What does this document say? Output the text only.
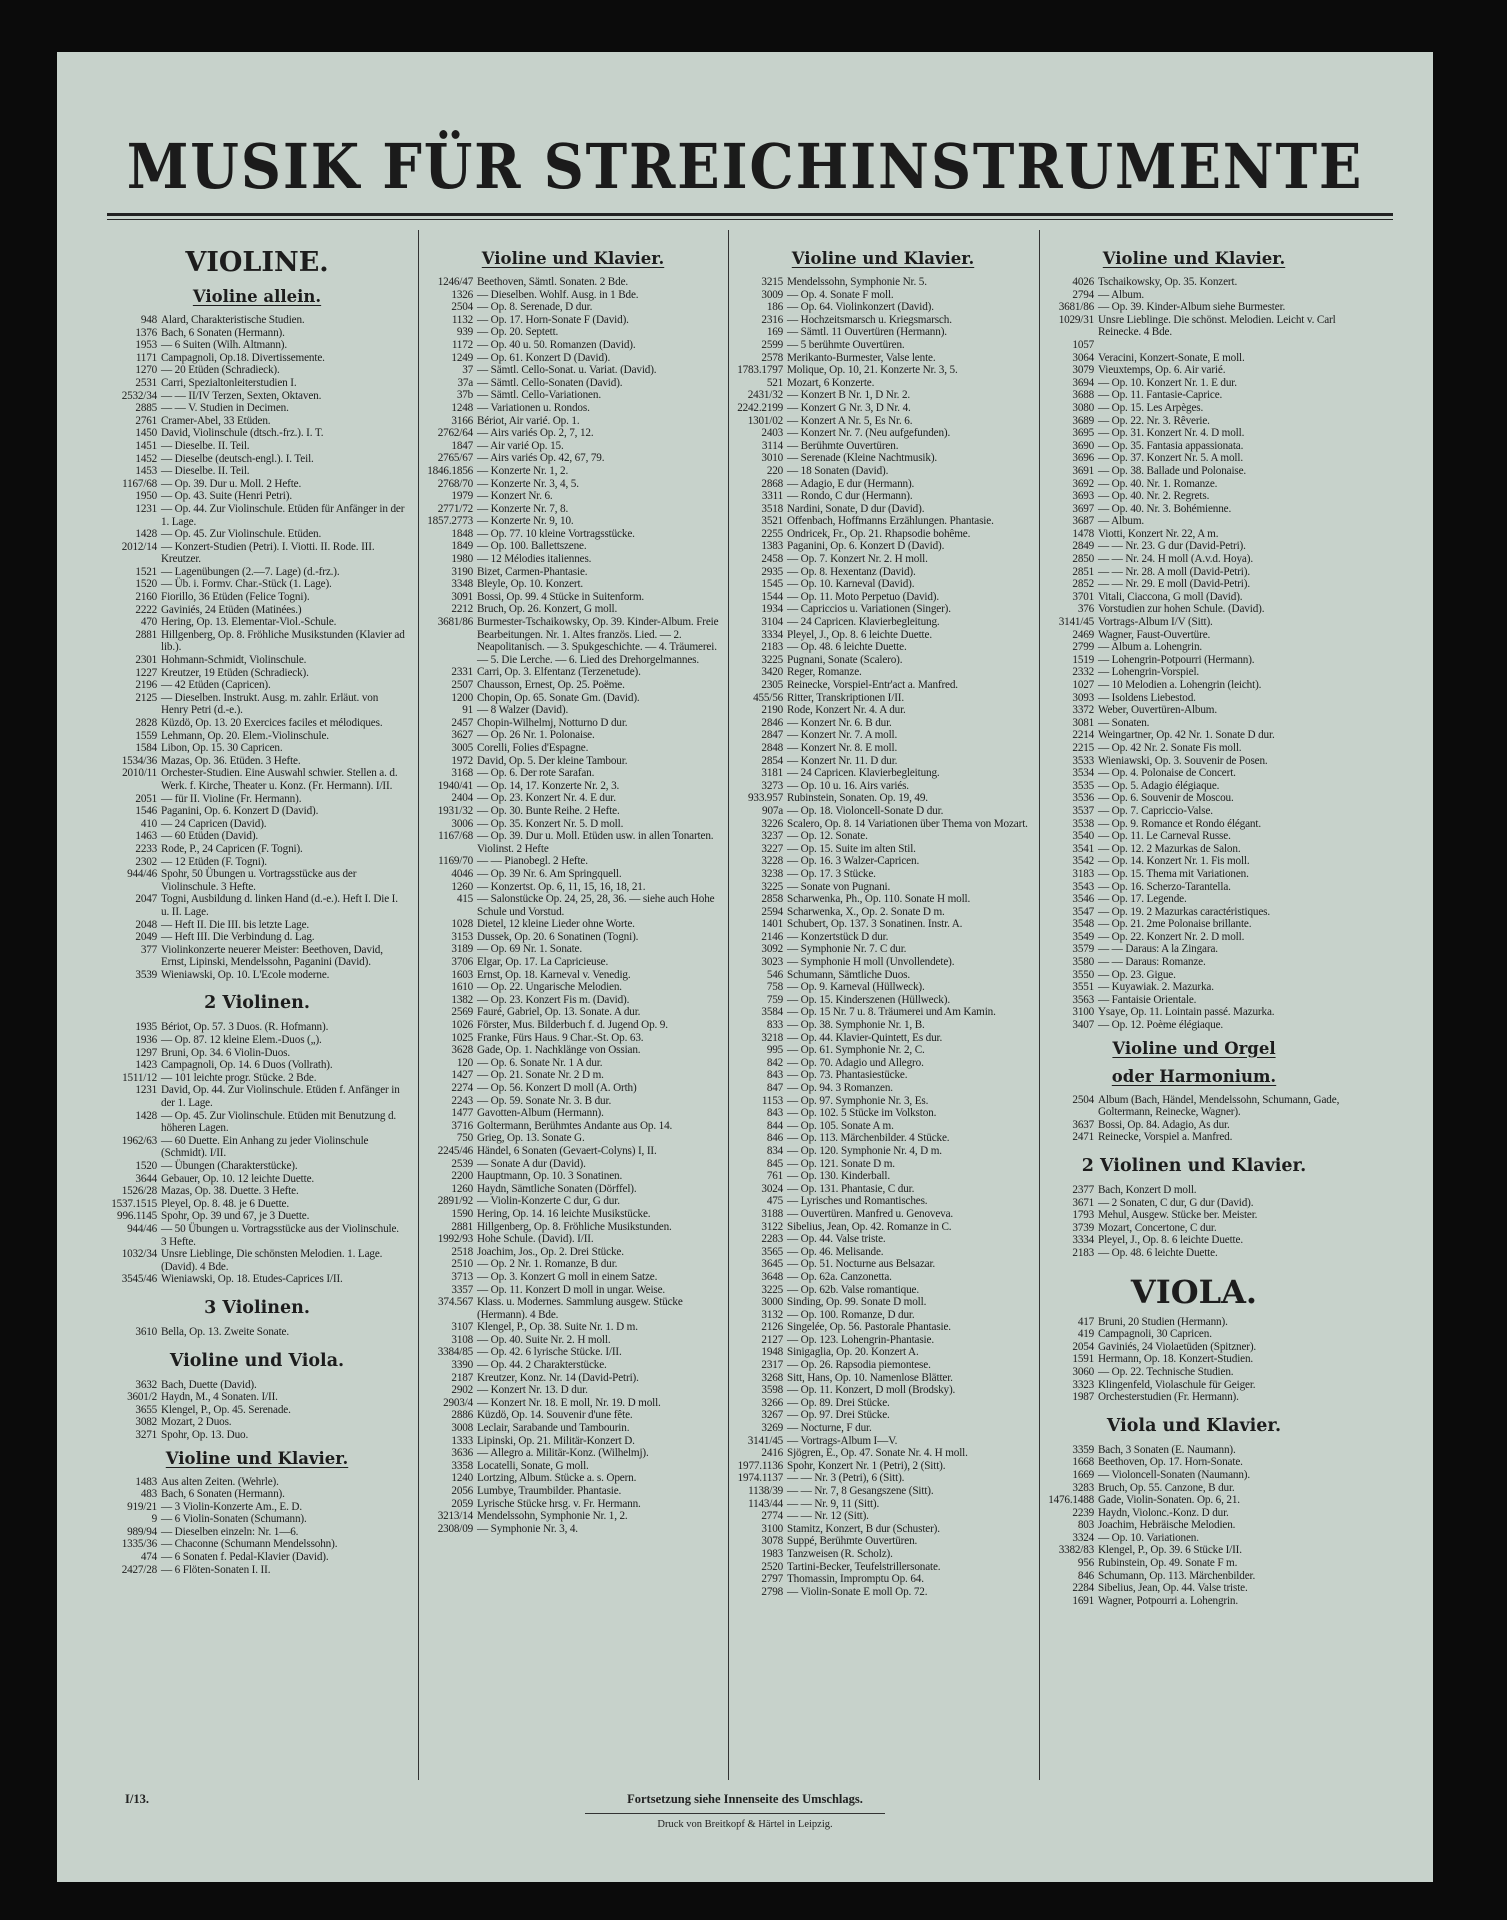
MUSIK FÜR STREICHINSTRUMENTE
VIOLINE.
Violine allein.
948 Alard, Charakteristische Studien.
1376 Bach, 6 Sonaten (Hermann).
1953 — 6 Suiten (Wilh. Altmann).
1171 Campagnoli, Op.18. Divertissemente.
1270 — 20 Etüden (Schradieck).
2531 Carri, Spezialtonleiterstudien I.
2532/34 — — II/IV Terzen, Sexten, Oktaven.
2885 — — V. Studien in Decimen.
2761 Cramer-Abel, 33 Etüden.
1450 David, Violinschule (dtsch.-frz.). I. T.
1451 — Dieselbe. II. Teil.
1452 — Dieselbe (deutsch-engl.). I. Teil.
1453 — Dieselbe. II. Teil.
1167/68 — Op. 39. Dur u. Moll. 2 Hefte.
1950 — Op. 43. Suite (Henri Petri).
1231 — Op. 44. Zur Violinschule. Etüden für Anfänger in der 1. Lage.
1428 — Op. 45. Zur Violinschule. Etüden.
2012/14 — Konzert-Studien (Petri). I. Viotti. II. Rode. III. Kreutzer.
1521 — Lagenübungen (2.—7. Lage) (d.-frz.).
1520 — Üb. i. Formv. Char.-Stück (1. Lage).
2160 Fiorillo, 36 Etüden (Felice Togni).
2222 Gaviniés, 24 Etüden (Matinées.)
470 Hering, Op. 13. Elementar-Viol.-Schule.
2881 Hillgenberg, Op. 8. Fröhliche Musikstunden (Klavier ad lib.).
2301 Hohmann-Schmidt, Violinschule.
1227 Kreutzer, 19 Etüden (Schradieck).
2196 — 42 Etüden (Capricen).
2125 — Dieselben. Instrukt. Ausg. m. zahlr. Erläut. von Henry Petri (d.-e.).
2828 Küzdö, Op. 13. 20 Exercices faciles et mélodiques.
1559 Lehmann, Op. 20. Elem.-Violinschule.
1584 Libon, Op. 15. 30 Capricen.
1534/36 Mazas, Op. 36. Etüden. 3 Hefte.
2010/11 Orchester-Studien. Eine Auswahl schwier. Stellen a. d. Werk. f. Kirche, Theater u. Konz. (Fr. Hermann). I/II.
2051 — für II. Violine (Fr. Hermann).
1546 Paganini, Op. 6. Konzert D (David).
410 — 24 Capricen (David).
1463 — 60 Etüden (David).
2233 Rode, P., 24 Capricen (F. Togni).
2302 — 12 Etüden (F. Togni).
944/46 Spohr, 50 Übungen u. Vortragsstücke aus der Violinschule. 3 Hefte.
2047 Togni, Ausbildung d. linken Hand (d.-e.). Heft I. Die I. u. II. Lage.
2048 — Heft II. Die III. bis letzte Lage.
2049 — Heft III. Die Verbindung d. Lag.
377 Violinkonzerte neuerer Meister: Beethoven, David, Ernst, Lipinski, Mendelssohn, Paganini (David).
3539 Wieniawski, Op. 10. L'Ecole moderne.
2 Violinen.
1935 Bériot, Op. 57. 3 Duos. (R. Hofmann).
1936 — Op. 87. 12 kleine Elem.-Duos („).
1297 Bruni, Op. 34. 6 Violin-Duos.
1423 Campagnoli, Op. 14. 6 Duos (Vollrath).
1511/12 — 101 leichte progr. Stücke. 2 Bde.
1231 David, Op. 44. Zur Violinschule. Etüden f. Anfänger in der 1. Lage.
1428 — Op. 45. Zur Violinschule. Etüden mit Benutzung d. höheren Lagen.
1962/63 — 60 Duette. Ein Anhang zu jeder Violinschule (Schmidt). I/II.
1520 — Übungen (Charakterstücke).
3644 Gebauer, Op. 10. 12 leichte Duette.
1526/28 Mazas, Op. 38. Duette. 3 Hefte.
1537.1515 Pleyel, Op. 8. 48. je 6 Duette.
996.1145 Spohr, Op. 39 und 67, je 3 Duette.
944/46 — 50 Übungen u. Vortragsstücke aus der Violinschule. 3 Hefte.
1032/34 Unsre Lieblinge, Die schönsten Melodien. 1. Lage. (David). 4 Bde.
3545/46 Wieniawski, Op. 18. Etudes-Caprices I/II.
3 Violinen.
3610 Bella, Op. 13. Zweite Sonate.
Violine und Viola.
3632 Bach, Duette (David).
3601/2 Haydn, M., 4 Sonaten. I/II.
3655 Klengel, P., Op. 45. Serenade.
3082 Mozart, 2 Duos.
3271 Spohr, Op. 13. Duo.
Violine und Klavier.
1483 Aus alten Zeiten. (Wehrle).
483 Bach, 6 Sonaten (Hermann).
919/21 — 3 Violin-Konzerte Am., E. D.
9 — 6 Violin-Sonaten (Schumann).
989/94 — Dieselben einzeln: Nr. 1—6.
1335/36 — Chaconne (Schumann Mendelssohn).
474 — 6 Sonaten f. Pedal-Klavier (David).
2427/28 — 6 Flöten-Sonaten I. II.
Violine und Klavier.
1246/47 Beethoven, Sämtl. Sonaten. 2 Bde.
1326 — Dieselben. Wohlf. Ausg. in 1 Bde.
2504 — Op. 8. Serenade, D dur.
1132 — Op. 17. Horn-Sonate F (David).
939 — Op. 20. Septett.
1172 — Op. 40 u. 50. Romanzen (David).
1249 — Op. 61. Konzert D (David).
37 — Sämtl. Cello-Sonat. u. Variat. (David).
37a — Sämtl. Cello-Sonaten (David).
37b — Sämtl. Cello-Variationen.
1248 — Variationen u. Rondos.
3166 Bériot, Air varié. Op. 1.
2762/64 — Airs variés Op. 2, 7, 12.
1847 — Air varié Op. 15.
2765/67 — Airs variés Op. 42, 67, 79.
1846.1856 — Konzerte Nr. 1, 2.
2768/70 — Konzerte Nr. 3, 4, 5.
1979 — Konzert Nr. 6.
2771/72 — Konzerte Nr. 7, 8.
1857.2773 — Konzerte Nr. 9, 10.
1848 — Op. 77. 10 kleine Vortragsstücke.
1849 — Op. 100. Ballettszene.
1980 — 12 Mélodies italiennes.
3190 Bizet, Carmen-Phantasie.
3348 Bleyle, Op. 10. Konzert.
3091 Bossi, Op. 99. 4 Stücke in Suitenform.
2212 Bruch, Op. 26. Konzert, G moll.
3681/86 Burmester-Tschaikowsky, Op. 39. Kinder-Album. Freie Bearbeitungen. Nr. 1. Altes französ. Lied. — 2. Neapolitanisch. — 3. Spukgeschichte. — 4. Träumerei. — 5. Die Lerche. — 6. Lied des Drehorgelmannes.
2331 Carri, Op. 3. Elfentanz (Terzenetude).
2507 Chausson, Ernest, Op. 25. Poëme.
1200 Chopin, Op. 65. Sonate Gm. (David).
91 — 8 Walzer (David).
2457 Chopin-Wilhelmj, Notturno D dur.
3627 — Op. 26 Nr. 1. Polonaise.
3005 Corelli, Folies d'Espagne.
1972 David, Op. 5. Der kleine Tambour.
3168 — Op. 6. Der rote Sarafan.
1940/41 — Op. 14, 17. Konzerte Nr. 2, 3.
2404 — Op. 23. Konzert Nr. 4. E dur.
1931/32 — Op. 30. Bunte Reihe. 2 Hefte.
3006 — Op. 35. Konzert Nr. 5. D moll.
1167/68 — Op. 39. Dur u. Moll. Etüden usw. in allen Tonarten. Violinst. 2 Hefte
1169/70 — — Pianobegl. 2 Hefte.
4046 — Op. 39 Nr. 6. Am Springquell.
1260 — Konzertst. Op. 6, 11, 15, 16, 18, 21.
415 — Salonstücke Op. 24, 25, 28, 36. — siehe auch Hohe Schule und Vorstud.
1028 Dietel, 12 kleine Lieder ohne Worte.
3153 Dussek, Op. 20. 6 Sonatinen (Togni).
3189 — Op. 69 Nr. 1. Sonate.
3706 Elgar, Op. 17. La Capricieuse.
1603 Ernst, Op. 18. Karneval v. Venedig.
1610 — Op. 22. Ungarische Melodien.
1382 — Op. 23. Konzert Fis m. (David).
2569 Fauré, Gabriel, Op. 13. Sonate. A dur.
1026 Förster, Mus. Bilderbuch f. d. Jugend Op. 9.
1025 Franke, Fürs Haus. 9 Char.-St. Op. 63.
3628 Gade, Op. 1. Nachklänge von Ossian.
120 — Op. 6. Sonate Nr. 1 A dur.
1427 — Op. 21. Sonate Nr. 2 D m.
2274 — Op. 56. Konzert D moll (A. Orth)
2243 — Op. 59. Sonate Nr. 3. B dur.
1477 Gavotten-Album (Hermann).
3716 Goltermann, Berühmtes Andante aus Op. 14.
750 Grieg, Op. 13. Sonate G.
2245/46 Händel, 6 Sonaten (Gevaert-Colyns) I, II.
2539 — Sonate A dur (David).
2200 Hauptmann, Op. 10. 3 Sonatinen.
1260 Haydn, Sämtliche Sonaten (Dörffel).
2891/92 — Violin-Konzerte C dur, G dur.
1590 Hering, Op. 14. 16 leichte Musikstücke.
2881 Hillgenberg, Op. 8. Fröhliche Musikstunden.
1992/93 Hohe Schule. (David). I/II.
2518 Joachim, Jos., Op. 2. Drei Stücke.
2510 — Op. 2 Nr. 1. Romanze, B dur.
3713 — Op. 3. Konzert G moll in einem Satze.
3357 — Op. 11. Konzert D moll in ungar. Weise.
374.567 Klass. u. Modernes. Sammlung ausgew. Stücke (Hermann). 4 Bde.
3107 Klengel, P., Op. 38. Suite Nr. 1. D m.
3108 — Op. 40. Suite Nr. 2. H moll.
3384/85 — Op. 42. 6 lyrische Stücke. I/II.
3390 — Op. 44. 2 Charakterstücke.
2187 Kreutzer, Konz. Nr. 14 (David-Petri).
2902 — Konzert Nr. 13. D dur.
2903/4 — Konzert Nr. 18. E moll, Nr. 19. D moll.
2886 Küzdö, Op. 14. Souvenir d'une fête.
3008 Leclair, Sarabande und Tambourin.
1333 Lipinski, Op. 21. Militär-Konzert D.
3636 — Allegro a. Militär-Konz. (Wilhelmj).
3358 Locatelli, Sonate, G moll.
1240 Lortzing, Album. Stücke a. s. Opern.
2056 Lumbye, Traumbilder. Phantasie.
2059 Lyrische Stücke hrsg. v. Fr. Hermann.
3213/14 Mendelssohn, Symphonie Nr. 1, 2.
2308/09 — Symphonie Nr. 3, 4.
Violine und Klavier.
3215 Mendelssohn, Symphonie Nr. 5.
3009 — Op. 4. Sonate F moll.
186 — Op. 64. Violinkonzert (David).
2316 — Hochzeitsmarsch u. Kriegsmarsch.
169 — Sämtl. 11 Ouvertüren (Hermann).
2599 — 5 berühmte Ouvertüren.
2578 Merikanto-Burmester, Valse lente.
1783.1797 Molique, Op. 10, 21. Konzerte Nr. 3, 5.
521 Mozart, 6 Konzerte.
2431/32 — Konzert B Nr. 1, D Nr. 2.
2242.2199 — Konzert G Nr. 3, D Nr. 4.
1301/02 — Konzert A Nr. 5, Es Nr. 6.
2403 — Konzert Nr. 7. (Neu aufgefunden).
3114 — Berühmte Ouvertüren.
3010 — Serenade (Kleine Nachtmusik).
220 — 18 Sonaten (David).
2868 — Adagio, E dur (Hermann).
3311 — Rondo, C dur (Hermann).
3518 Nardini, Sonate, D dur (David).
3521 Offenbach, Hoffmanns Erzählungen. Phantasie.
2255 Ondricek, Fr., Op. 21. Rhapsodie bohême.
1383 Paganini, Op. 6. Konzert D (David).
2458 — Op. 7. Konzert Nr. 2. H moll.
2935 — Op. 8. Hexentanz (David).
1545 — Op. 10. Karneval (David).
1544 — Op. 11. Moto Perpetuo (David).
1934 — Capriccios u. Variationen (Singer).
3104 — 24 Capricen. Klavierbegleitung.
3334 Pleyel, J., Op. 8. 6 leichte Duette.
2183 — Op. 48. 6 leichte Duette.
3225 Pugnani, Sonate (Scalero).
3420 Reger, Romanze.
2305 Reinecke, Vorspiel-Entr'act a. Manfred.
455/56 Ritter, Transkriptionen I/II.
2190 Rode, Konzert Nr. 4. A dur.
2846 — Konzert Nr. 6. B dur.
2847 — Konzert Nr. 7. A moll.
2848 — Konzert Nr. 8. E moll.
2854 — Konzert Nr. 11. D dur.
3181 — 24 Capricen. Klavierbegleitung.
3273 — Op. 10 u. 16. Airs variés.
933.957 Rubinstein, Sonaten. Op. 19, 49.
907a — Op. 18. Violoncell-Sonate D dur.
3226 Scalero, Op. 8. 14 Variationen über Thema von Mozart.
3237 — Op. 12. Sonate.
3227 — Op. 15. Suite im alten Stil.
3228 — Op. 16. 3 Walzer-Capricen.
3238 — Op. 17. 3 Stücke.
3225 — Sonate von Pugnani.
2858 Scharwenka, Ph., Op. 110. Sonate H moll.
2594 Scharwenka, X., Op. 2. Sonate D m.
1401 Schubert, Op. 137. 3 Sonatinen. Instr. A.
2146 — Konzertstück D dur.
3092 — Symphonie Nr. 7. C dur.
3023 — Symphonie H moll (Unvollendete).
546 Schumann, Sämtliche Duos.
758 — Op. 9. Karneval (Hüllweck).
759 — Op. 15. Kinderszenen (Hüllweck).
3584 — Op. 15 Nr. 7 u. 8. Träumerei und Am Kamin.
833 — Op. 38. Symphonie Nr. 1, B.
3218 — Op. 44. Klavier-Quintett, Es dur.
995 — Op. 61. Symphonie Nr. 2, C.
842 — Op. 70. Adagio und Allegro.
843 — Op. 73. Phantasiestücke.
847 — Op. 94. 3 Romanzen.
1153 — Op. 97. Symphonie Nr. 3, Es.
843 — Op. 102. 5 Stücke im Volkston.
844 — Op. 105. Sonate A m.
846 — Op. 113. Märchenbilder. 4 Stücke.
834 — Op. 120. Symphonie Nr. 4, D m.
845 — Op. 121. Sonate D m.
761 — Op. 130. Kinderball.
3024 — Op. 131. Phantasie, C dur.
475 — Lyrisches und Romantisches.
3188 — Ouvertüren. Manfred u. Genoveva.
3122 Sibelius, Jean, Op. 42. Romanze in C.
2283 — Op. 44. Valse triste.
3565 — Op. 46. Melisande.
3645 — Op. 51. Nocturne aus Belsazar.
3648 — Op. 62a. Canzonetta.
3225 — Op. 62b. Valse romantique.
3000 Sinding, Op. 99. Sonate D moll.
3132 — Op. 100. Romanze, D dur.
2126 Singelée, Op. 56. Pastorale Phantasie.
2127 — Op. 123. Lohengrin-Phantasie.
1948 Sinigaglia, Op. 20. Konzert A.
2317 — Op. 26. Rapsodia piemontese.
3268 Sitt, Hans, Op. 10. Namenlose Blätter.
3598 — Op. 11. Konzert, D moll (Brodsky).
3266 — Op. 89. Drei Stücke.
3267 — Op. 97. Drei Stücke.
3269 — Nocturne, F dur.
3141/45 — Vortrags-Album I—V.
2416 Sjögren, E., Op. 47. Sonate Nr. 4. H moll.
1977.1136 Spohr, Konzert Nr. 1 (Petri), 2 (Sitt).
1974.1137 — — Nr. 3 (Petri), 6 (Sitt).
1138/39 — — Nr. 7, 8 Gesangszene (Sitt).
1143/44 — — Nr. 9, 11 (Sitt).
2774 — — Nr. 12 (Sitt).
3100 Stamitz, Konzert, B dur (Schuster).
3078 Suppé, Berühmte Ouvertüren.
1983 Tanzweisen (R. Scholz).
2520 Tartini-Becker, Teufelstrillersonate.
2797 Thomassin, Impromptu Op. 64.
2798 — Violin-Sonate E moll Op. 72.
Violine und Klavier.
4026 Tschaikowsky, Op. 35. Konzert.
2794 — Album.
3681/86 — Op. 39. Kinder-Album siehe Burmester.
1029/31 Unsre Lieblinge. Die schönst. Melodien. Leicht v. Carl Reinecke. 4 Bde.
1057
3064 Veracini, Konzert-Sonate, E moll.
3079 Vieuxtemps, Op. 6. Air varié.
3694 — Op. 10. Konzert Nr. 1. E dur.
3688 — Op. 11. Fantasie-Caprice.
3080 — Op. 15. Les Arpèges.
3689 — Op. 22. Nr. 3. Rêverie.
3695 — Op. 31. Konzert Nr. 4. D moll.
3690 — Op. 35. Fantasia appassionata.
3696 — Op. 37. Konzert Nr. 5. A moll.
3691 — Op. 38. Ballade und Polonaise.
3692 — Op. 40. Nr. 1. Romanze.
3693 — Op. 40. Nr. 2. Regrets.
3697 — Op. 40. Nr. 3. Bohémienne.
3687 — Album.
1478 Viotti, Konzert Nr. 22, A m.
2849 — — Nr. 23. G dur (David-Petri).
2850 — — Nr. 24. H moll (A.v.d. Hoya).
2851 — — Nr. 28. A moll (David-Petri).
2852 — — Nr. 29. E moll (David-Petri).
3701 Vitali, Ciaccona, G moll (David).
376 Vorstudien zur hohen Schule. (David).
3141/45 Vortrags-Album I/V (Sitt).
2469 Wagner, Faust-Ouvertüre.
2799 — Album a. Lohengrin.
1519 — Lohengrin-Potpourri (Hermann).
2332 — Lohengrin-Vorspiel.
1027 — 10 Melodien a. Lohengrin (leicht).
3093 — Isoldens Liebestod.
3372 Weber, Ouvertüren-Album.
3081 — Sonaten.
2214 Weingartner, Op. 42 Nr. 1. Sonate D dur.
2215 — Op. 42 Nr. 2. Sonate Fis moll.
3533 Wieniawski, Op. 3. Souvenir de Posen.
3534 — Op. 4. Polonaise de Concert.
3535 — Op. 5. Adagio élégiaque.
3536 — Op. 6. Souvenir de Moscou.
3537 — Op. 7. Capriccio-Valse.
3538 — Op. 9. Romance et Rondo élégant.
3540 — Op. 11. Le Carneval Russe.
3541 — Op. 12. 2 Mazurkas de Salon.
3542 — Op. 14. Konzert Nr. 1. Fis moll.
3183 — Op. 15. Thema mit Variationen.
3543 — Op. 16. Scherzo-Tarantella.
3546 — Op. 17. Legende.
3547 — Op. 19. 2 Mazurkas caractéristiques.
3548 — Op. 21. 2me Polonaise brillante.
3549 — Op. 22. Konzert Nr. 2. D moll.
3579 — — Daraus: A la Zingara.
3580 — — Daraus: Romanze.
3550 — Op. 23. Gigue.
3551 — Kuyawiak. 2. Mazurka.
3563 — Fantaisie Orientale.
3100 Ysaye, Op. 11. Lointain passé. Mazurka.
3407 — Op. 12. Poème élégiaque.
Violine und Orgel
oder Harmonium.
2504 Album (Bach, Händel, Mendelssohn, Schumann, Gade, Goltermann, Reinecke, Wagner).
3637 Bossi, Op. 84. Adagio, As dur.
2471 Reinecke, Vorspiel a. Manfred.
2 Violinen und Klavier.
2377 Bach, Konzert D moll.
3671 — 2 Sonaten, C dur, G dur (David).
1793 Mehul, Ausgew. Stücke ber. Meister.
3739 Mozart, Concertone, C dur.
3334 Pleyel, J., Op. 8. 6 leichte Duette.
2183 — Op. 48. 6 leichte Duette.
VIOLA.
417 Bruni, 20 Studien (Hermann).
419 Campagnoli, 30 Capricen.
2054 Gaviniés, 24 Violaetüden (Spitzner).
1591 Hermann, Op. 18. Konzert-Studien.
3060 — Op. 22. Technische Studien.
3323 Klingenfeld, Violaschule für Geiger.
1987 Orchesterstudien (Fr. Hermann).
Viola und Klavier.
3359 Bach, 3 Sonaten (E. Naumann).
1668 Beethoven, Op. 17. Horn-Sonate.
1669 — Violoncell-Sonaten (Naumann).
3283 Bruch, Op. 55. Canzone, B dur.
1476.1488 Gade, Violin-Sonaten. Op. 6, 21.
2239 Haydn, Violonc.-Konz. D dur.
803 Joachim, Hebräische Melodien.
3324 — Op. 10. Variationen.
3382/83 Klengel, P., Op. 39. 6 Stücke I/II.
956 Rubinstein, Op. 49. Sonate F m.
846 Schumann, Op. 113. Märchenbilder.
2284 Sibelius, Jean, Op. 44. Valse triste.
1691 Wagner, Potpourri a. Lohengrin.
I/13.	Fortsetzung siehe Innenseite des Umschlags.
Druck von Breitkopf & Härtel in Leipzig.
